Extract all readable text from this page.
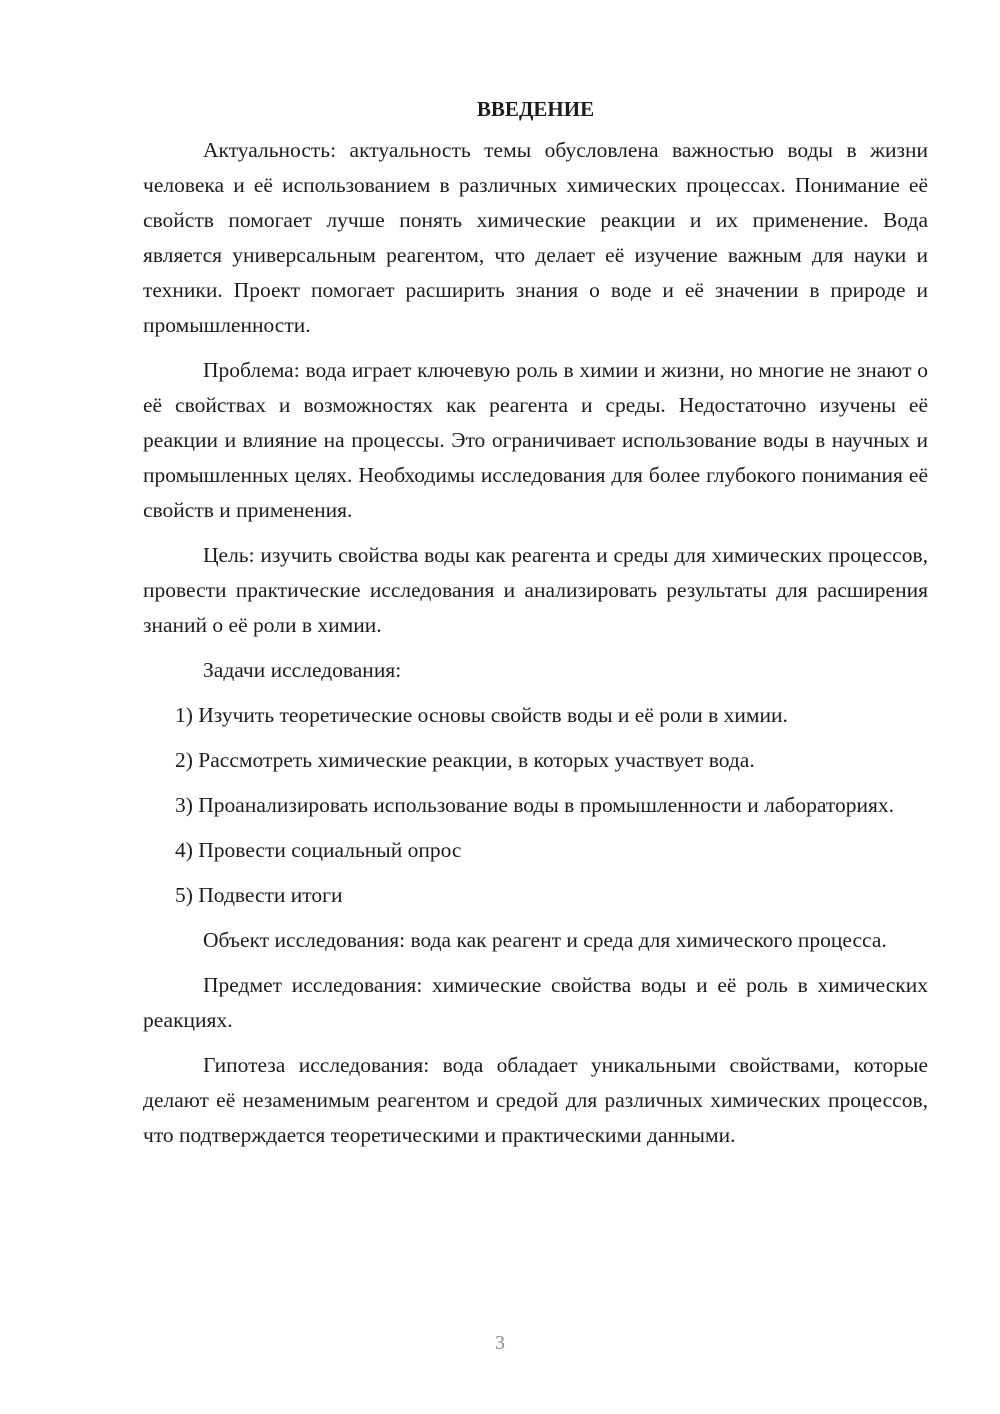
ВВЕДЕНИЕ

Актуальность: актуальность темы обусловлена важностью воды в жизни человека и её использованием в различных химических процессах. Понимание её свойств помогает лучше понять химические реакции и их применение. Вода является универсальным реагентом, что делает её изучение важным для науки и техники. Проект помогает расширить знания о воде и её значении в природе и промышленности.

Проблема: вода играет ключевую роль в химии и жизни, но многие не знают о её свойствах и возможностях как реагента и среды. Недостаточно изучены её реакции и влияние на процессы. Это ограничивает использование воды в научных и промышленных целях. Необходимы исследования для более глубокого понимания её свойств и применения.

Цель: изучить свойства воды как реагента и среды для химических процессов, провести практические исследования и анализировать результаты для расширения знаний о её роли в химии.

Задачи исследования:

1) Изучить теоретические основы свойств воды и её роли в химии.

2) Рассмотреть химические реакции, в которых участвует вода.

3) Проанализировать использование воды в промышленности и лабораториях.

4) Провести социальный опрос

5) Подвести итоги

Объект исследования: вода как реагент и среда для химического процесса.

Предмет исследования: химические свойства воды и её роль в химических реакциях.

Гипотеза исследования: вода обладает уникальными свойствами, которые делают её незаменимым реагентом и средой для различных химических процессов, что подтверждается теоретическими и практическими данными.

3
